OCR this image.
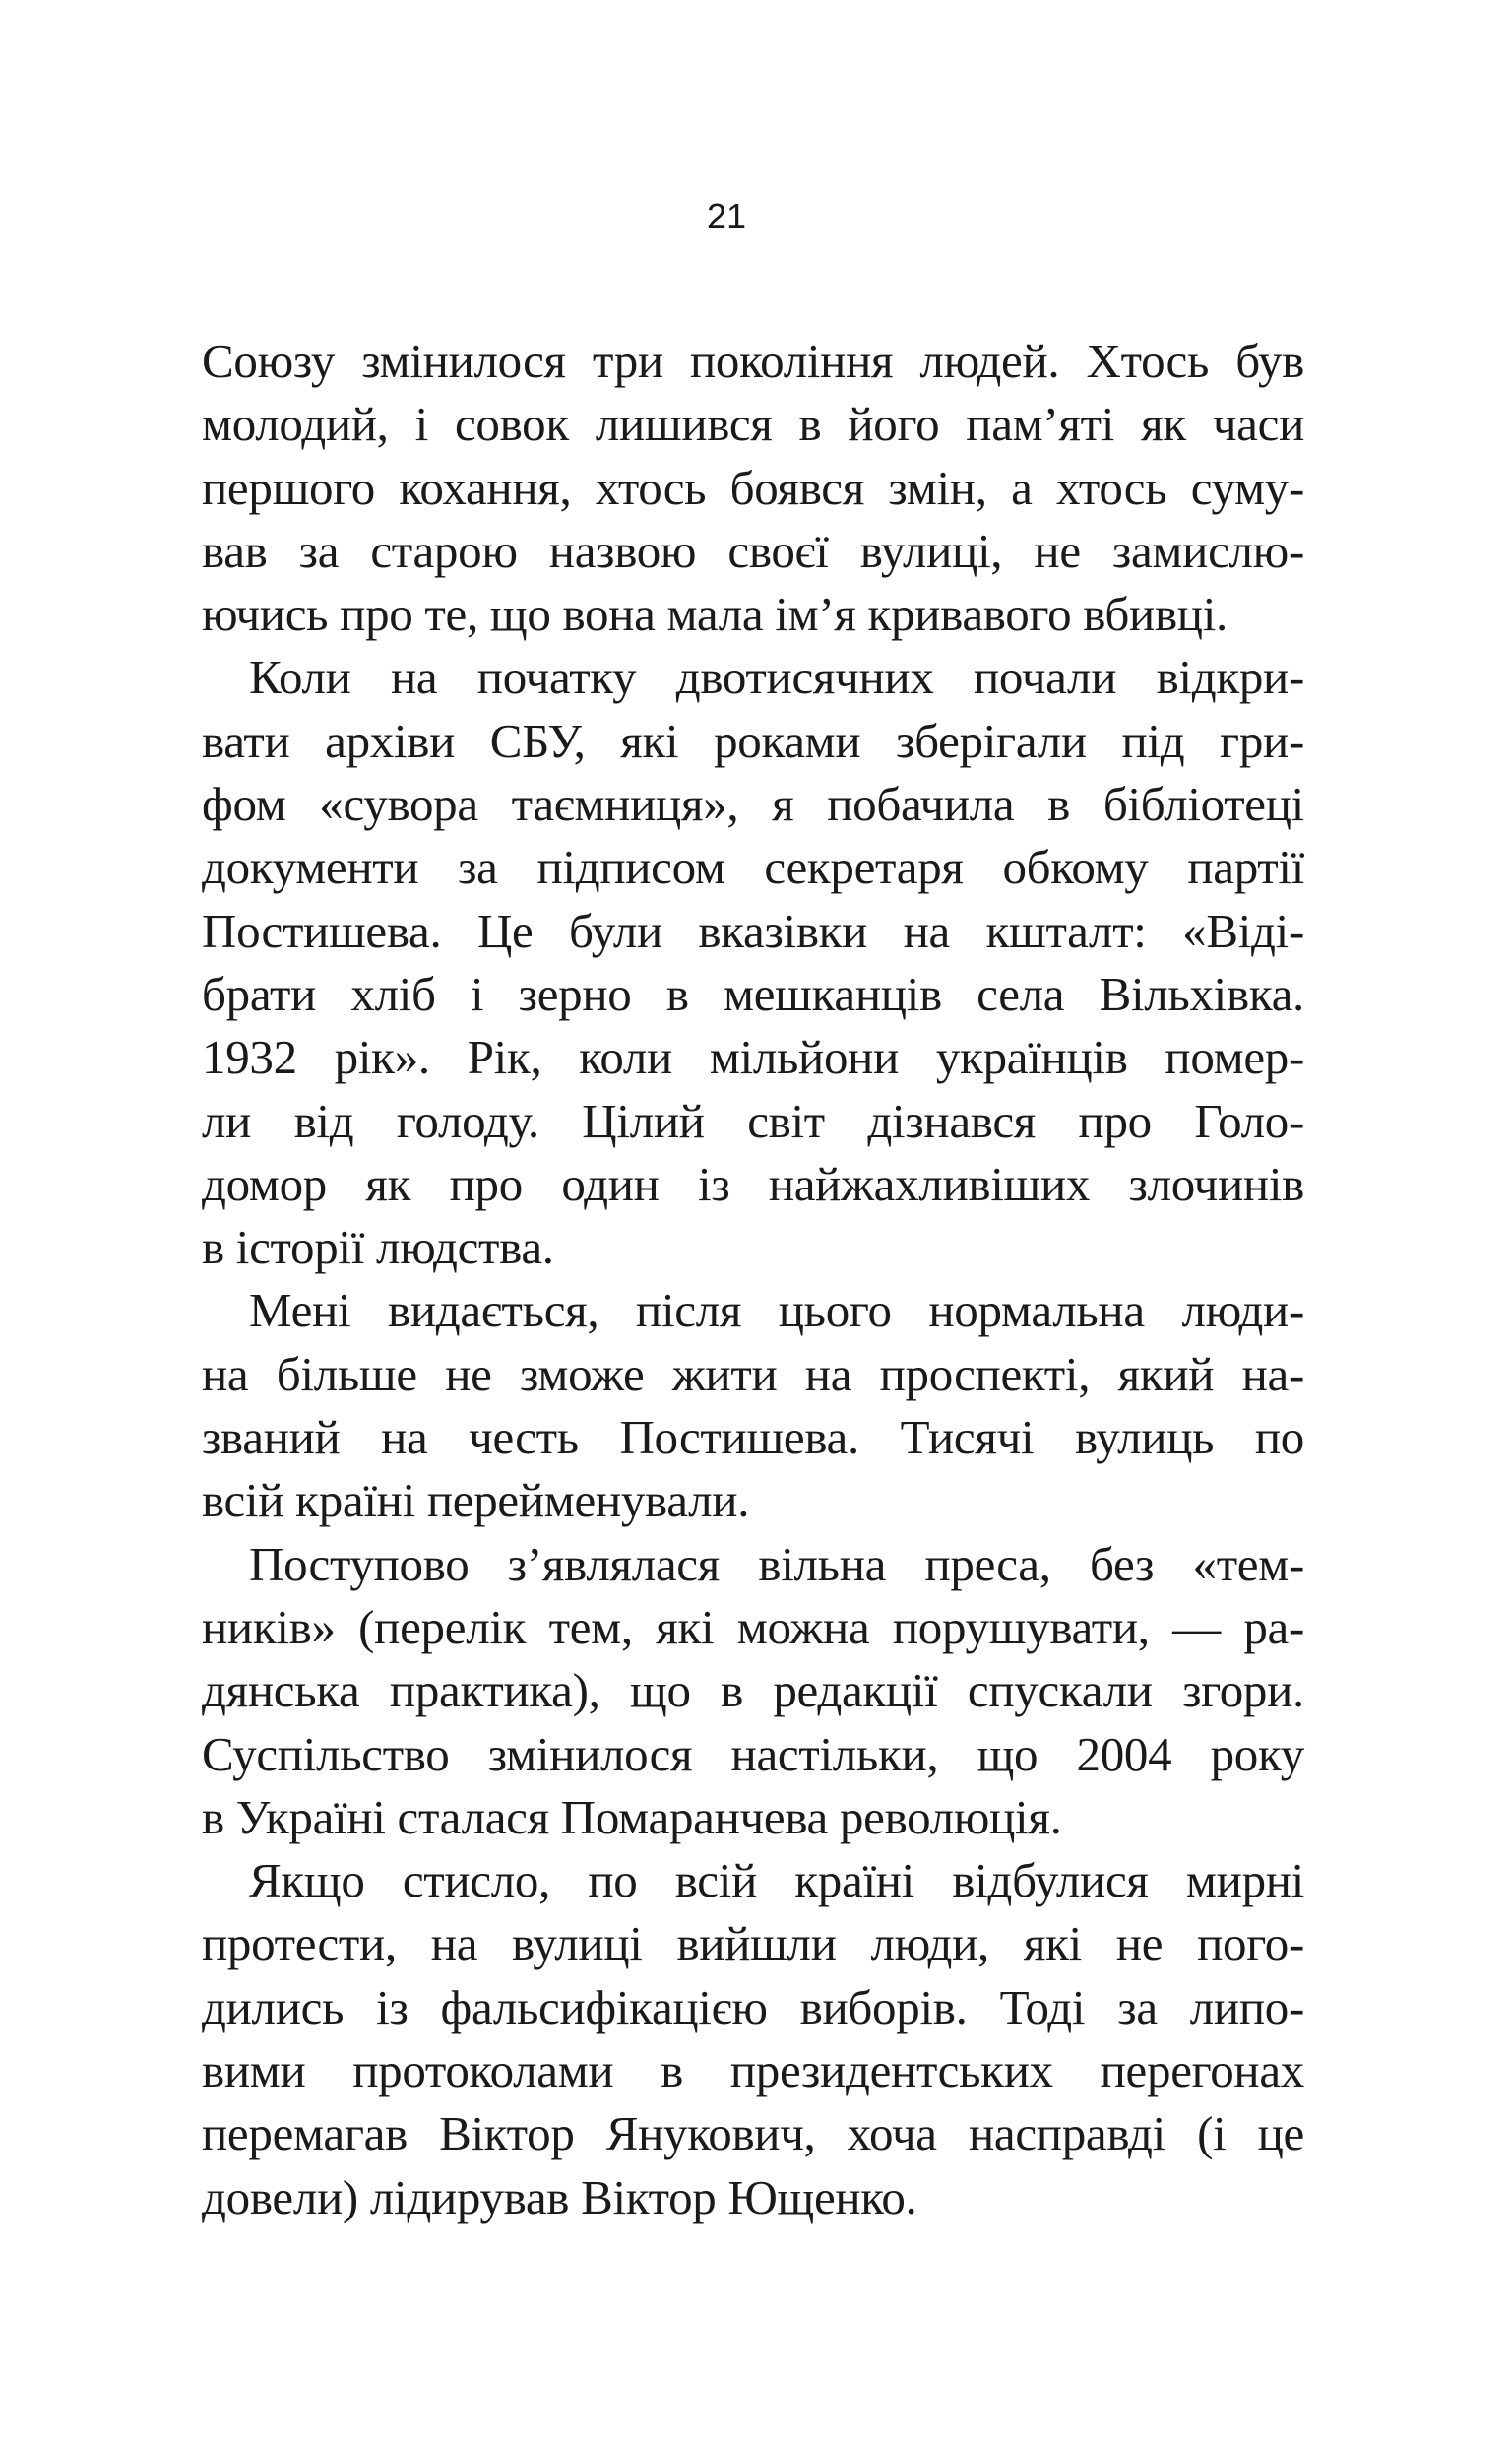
21
Союзу змінилося три покоління людей. Хтось був
молодий, і совок лишився в його пам’яті як часи
першого кохання, хтось боявся змін, а хтось суму-
вав за старою назвою своєї вулиці, не замислю-
ючись про те, що вона мала ім’я кривавого вбивці.
Коли на початку двотисячних почали відкри-
вати архіви СБУ, які роками зберігали під гри-
фом «сувора таємниця», я побачила в бібліотеці
документи за підписом секретаря обкому партії
Постишева. Це були вказівки на кшталт: «Віді-
брати хліб і зерно в мешканців села Вільхівка.
1932 рік». Рік, коли мільйони українців помер-
ли від голоду. Цілий світ дізнався про Голо-
домор як про один із найжахливіших злочинів
в історії людства.
Мені видається, після цього нормальна люди-
на більше не зможе жити на проспекті, який на-
званий на честь Постишева. Тисячі вулиць по
всій країні перейменували.
Поступово з’являлася вільна преса, без «тем-
ників» (перелік тем, які можна порушувати, — ра-
дянська практика), що в редакції спускали згори.
Суспільство змінилося настільки, що 2004 року
в Україні сталася Помаранчева революція.
Якщо стисло, по всій країні відбулися мирні
протести, на вулиці вийшли люди, які не пого-
дились із фальсифікацією виборів. Тоді за липо-
вими протоколами в президентських перегонах
перемагав Віктор Янукович, хоча насправді (і це
довели) лідирував Віктор Ющенко.
